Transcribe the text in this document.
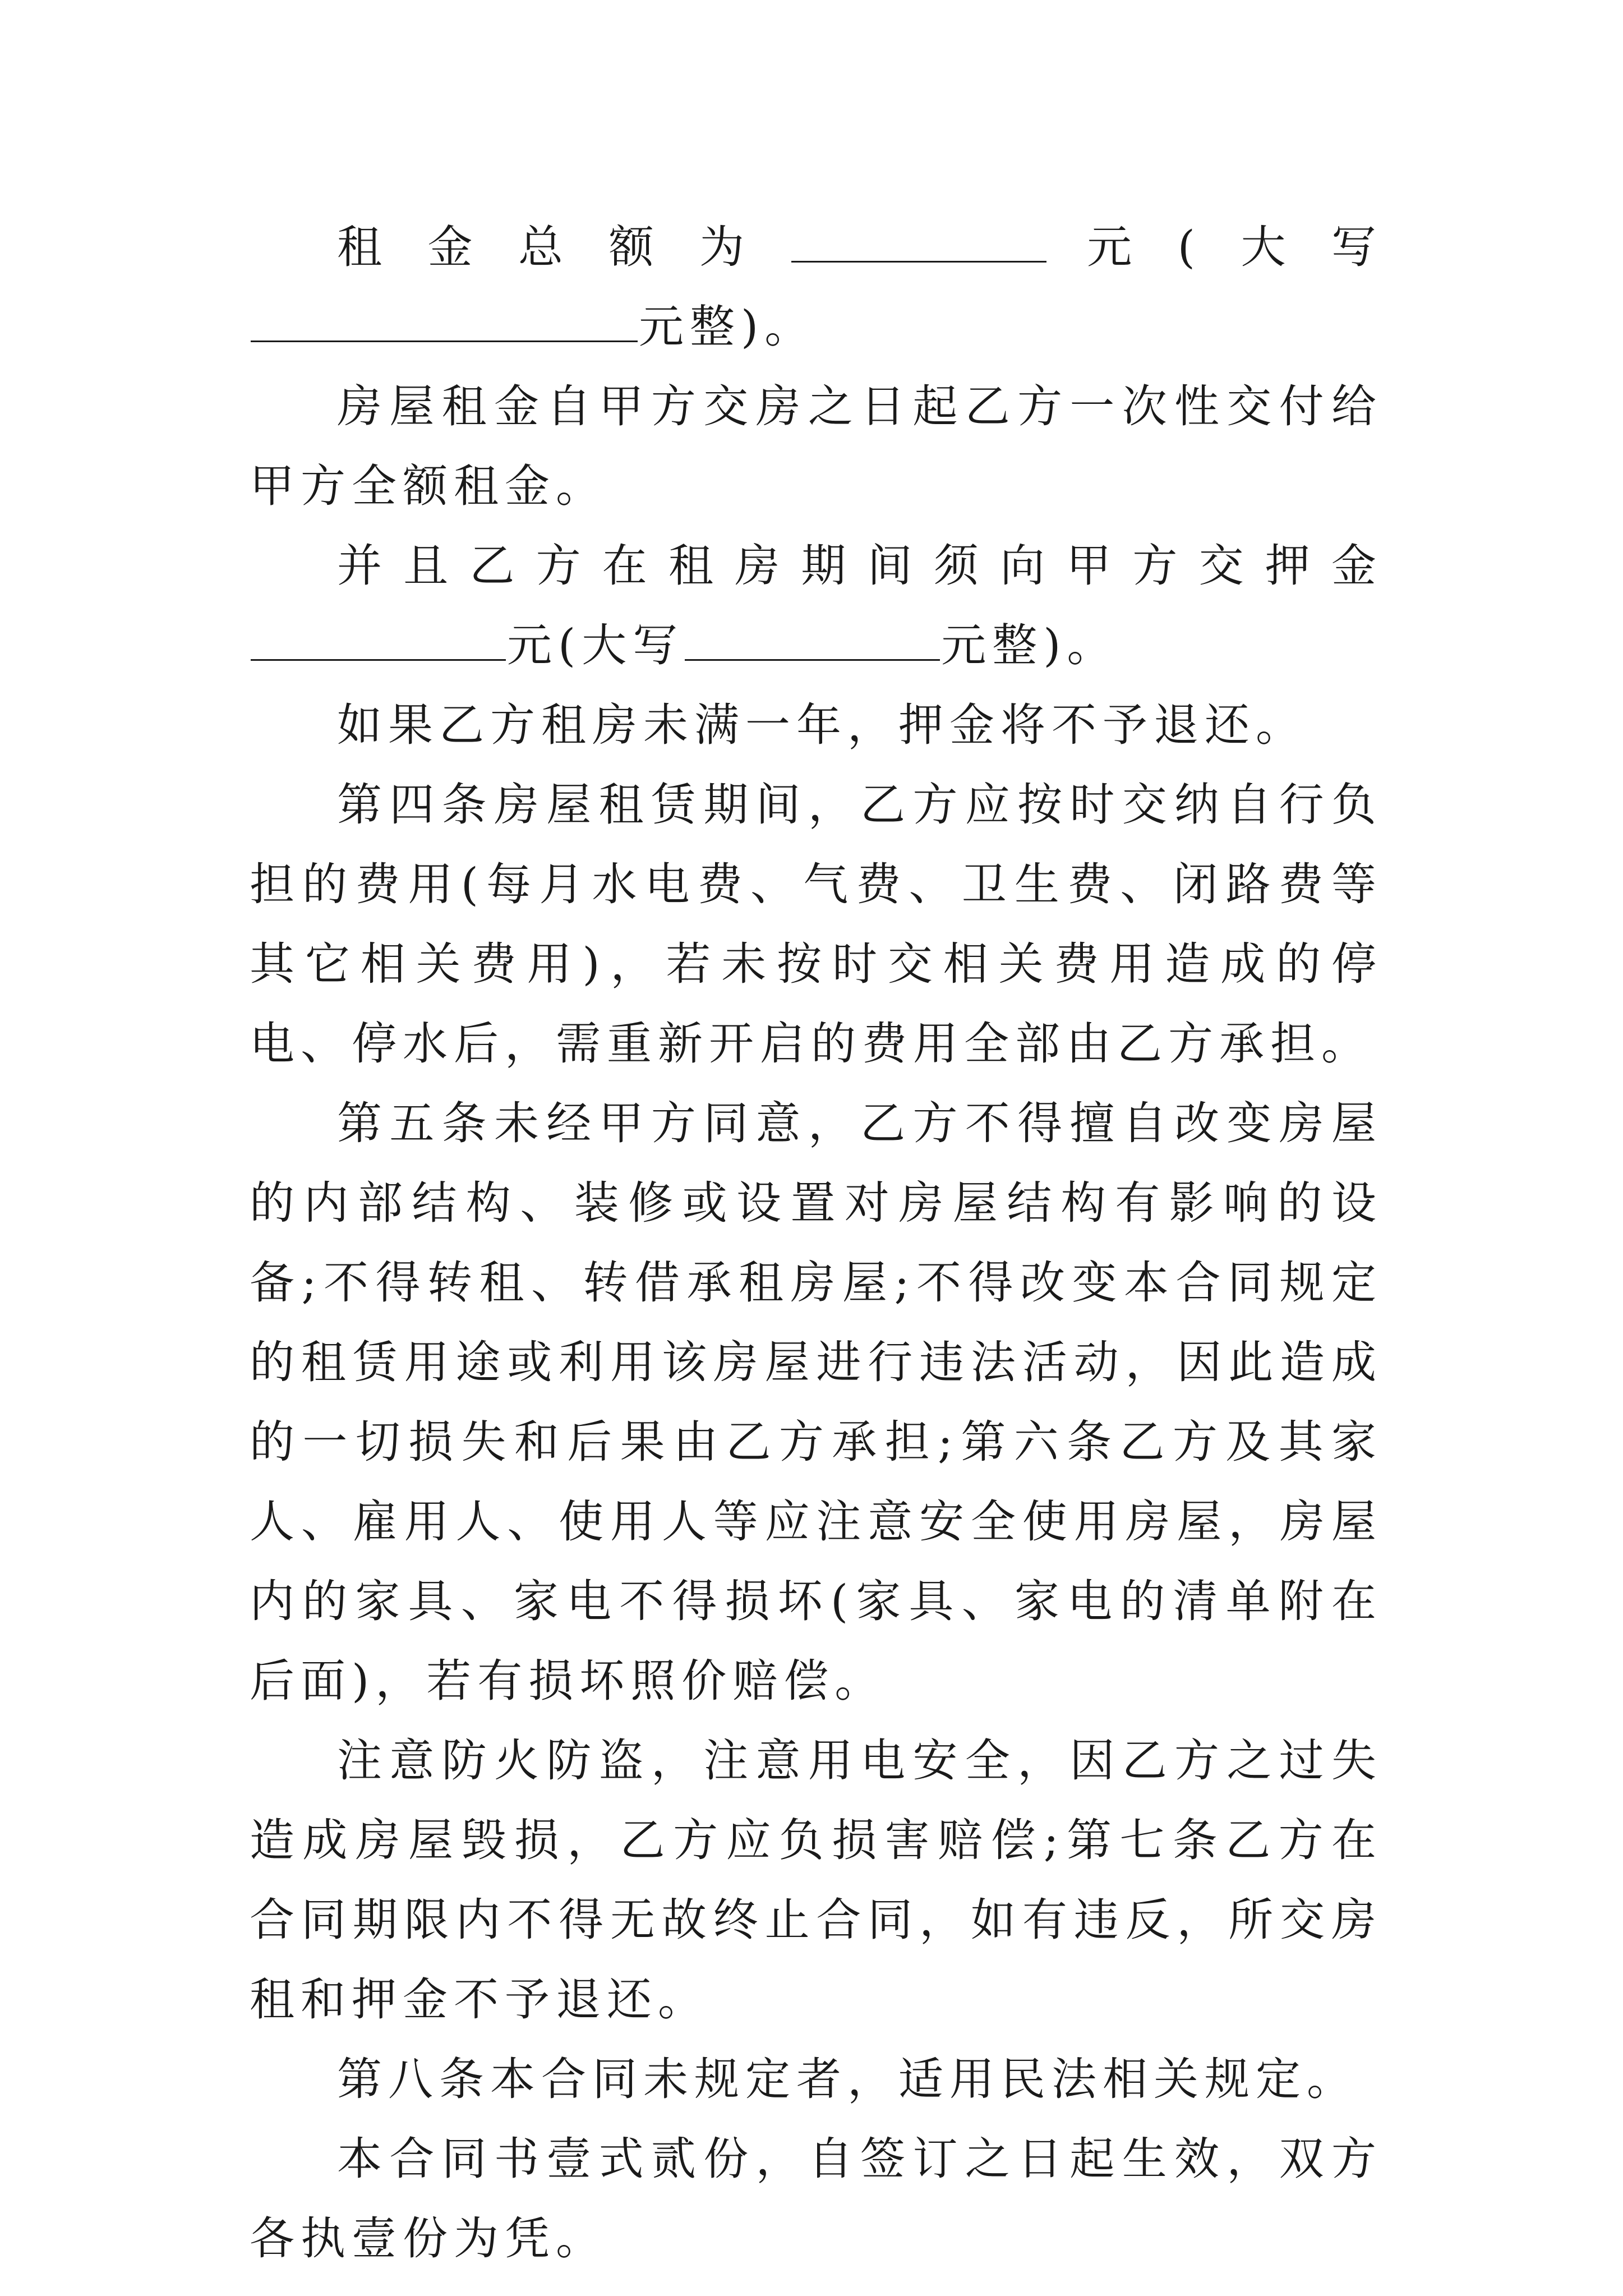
租金总额为	元(大写元整)。

房屋租金自甲方交房之日起乙方一次性交付给甲方全额租金。

并且乙方在租房期间须向甲方交押金元(大写	元整)。

如果乙方租房未满一年，押金将不予退还。

第四条房屋租赁期间，乙方应按时交纳自行负担的费用(每月水电费、气费、卫生费、闭路费等其它相关费用)，若未按时交相关费用造成的停电、停水后，需重新开启的费用全部由乙方承担。

第五条未经甲方同意，乙方不得擅自改变房屋的内部结构、装修或设置对房屋结构有影响的设备;不得转租、转借承租房屋;不得改变本合同规定的租赁用途或利用该房屋进行违法活动，因此造成的一切损失和后果由乙方承担;第六条乙方及其家人、雇用人、使用人等应注意安全使用房屋，房屋内的家具、家电不得损坏(家具、家电的清单附在后面)，若有损坏照价赔偿。

注意防火防盗，注意用电安全，因乙方之过失造成房屋毁损，乙方应负损害赔偿;第七条乙方在合同期限内不得无故终止合同，如有违反，所交房租和押金不予退还。

第八条本合同未规定者，适用民法相关规定。

本合同书壹式贰份，自签订之日起生效，双方各执壹份为凭。
